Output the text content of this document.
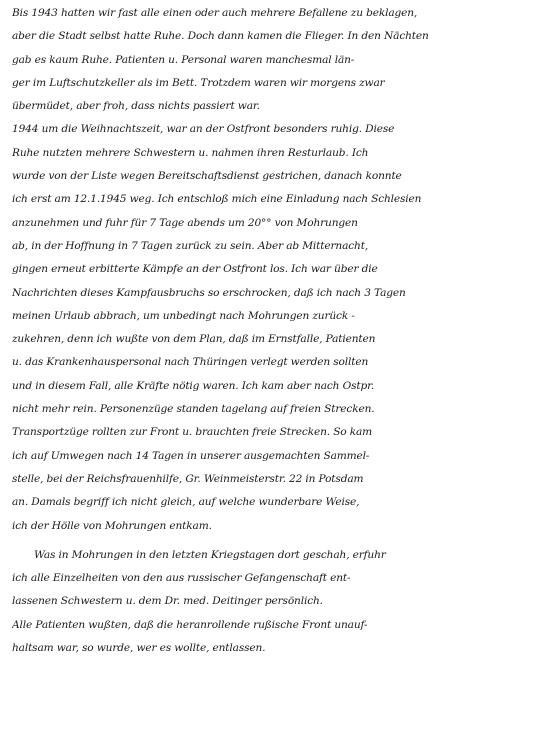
Bis 1943 hatten wir fast alle einen oder auch mehrere Befallene zu beklagen,
aber die Stadt selbst hatte Ruhe. Doch dann kamen die Flieger. In den Nächten
gab es kaum Ruhe. Patienten u. Personal waren manchesmal län-
ger im Luftschutzkeller als im Bett. Trotzdem waren wir morgens zwar
übermüdet, aber froh, dass nichts passiert war.
1944 um die Weihnachtszeit, war an der Ostfront besonders ruhig. Diese
Ruhe nutzten mehrere Schwestern u. nahmen ihren Resturlaub. Ich
wurde von der Liste wegen Bereitschaftsdienst gestrichen, danach konnte
ich erst am 12.1.1945 weg. Ich entschloß mich eine Einladung nach Schlesien
anzunehmen und fuhr für 7 Tage abends um 20°° von Mohrungen
ab, in der Hoffnung in 7 Tagen zurück zu sein. Aber ab Mitternacht,
gingen erneut erbitterte Kämpfe an der Ostfront los. Ich war über die
Nachrichten dieses Kampfausbruchs so erschrocken, daß ich nach 3 Tagen
meinen Urlaub abbrach, um unbedingt nach Mohrungen zurück -
zukehren, denn ich wußte von dem Plan, daß im Ernstfalle, Patienten
u. das Krankenhauspersonal nach Thüringen verlegt werden sollten
und in diesem Fall, alle Kräfte nötig waren. Ich kam aber nach Ostpr.
nicht mehr rein. Personenzüge standen tagelang auf freien Strecken.
Transportzüge rollten zur Front u. brauchten freie Strecken. So kam
ich auf Umwegen nach 14 Tagen in unserer ausgemachten Sammel-
stelle, bei der Reichsfrauenhilfe, Gr. Weinmeisterstr. 22 in Potsdam
an. Damals begriff ich nicht gleich, auf welche wunderbare Weise,
ich der Hölle von Mohrungen entkam.
Was in Mohrungen in den letzten Kriegstagen dort geschah, erfuhr
ich alle Einzelheiten von den aus russischer Gefangenschaft ent-
lassenen Schwestern u. dem Dr. med. Deitinger persönlich.
Alle Patienten wußten, daß die heranrollende rußische Front unauf-
haltsam war, so wurde, wer es wollte, entlassen.
